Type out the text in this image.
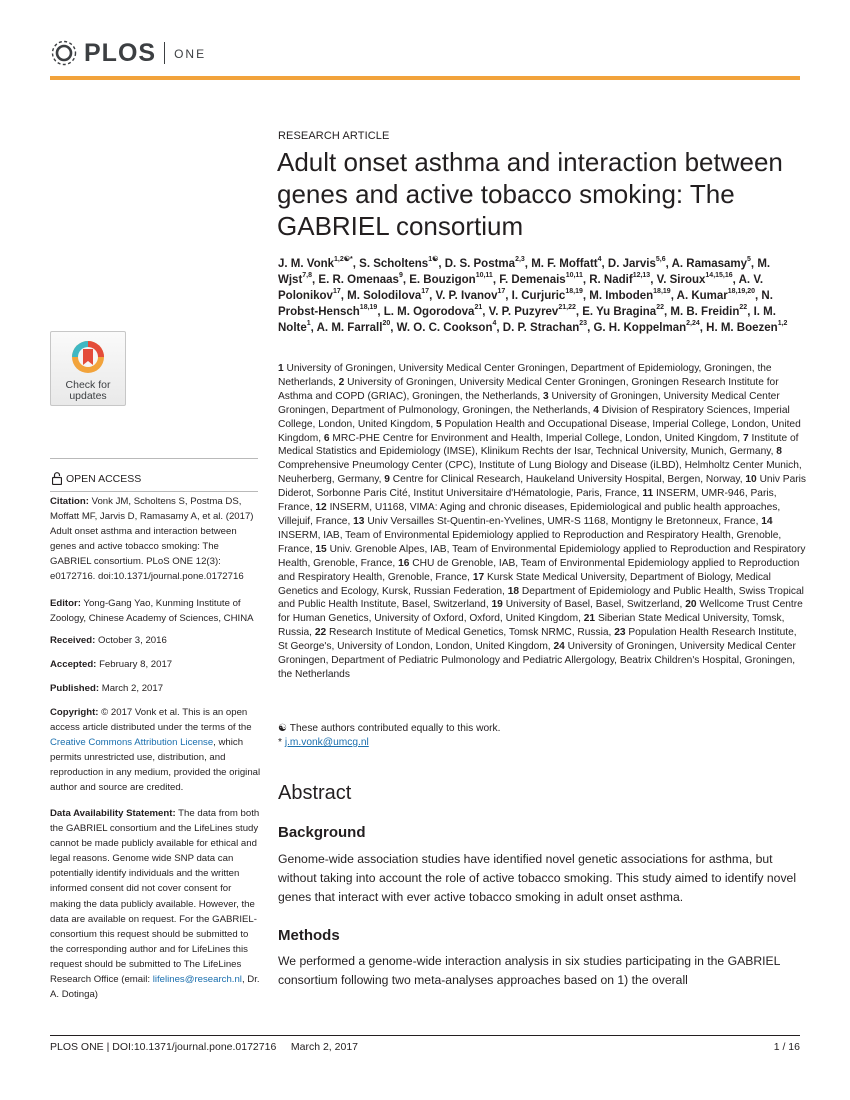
PLOS ONE
RESEARCH ARTICLE
Adult onset asthma and interaction between genes and active tobacco smoking: The GABRIEL consortium
J. M. Vonk$^{1,2☯*}$, S. Scholtens$^{1☯}$, D. S. Postma$^{2,3}$, M. F. Moffatt$^4$, D. Jarvis$^{5,6}$, A. Ramasamy$^5$, M. Wjst$^{7,8}$, E. R. Omenaas$^9$, E. Bouzigon$^{10,11}$, F. Demenais$^{10,11}$, R. Nadif$^{12,13}$, V. Siroux$^{14,15,16}$, A. V. Polonikov$^{17}$, M. Solodilova$^{17}$, V. P. Ivanov$^{17}$, I. Curjuric$^{18,19}$, M. Imboden$^{18,19}$, A. Kumar$^{18,19,20}$, N. Probst-Hensch$^{18,19}$, L. M. Ogorodova$^{21}$, V. P. Puzyrev$^{21,22}$, E. Yu Bragina$^{22}$, M. B. Freidin$^{22}$, I. M. Nolte$^1$, A. M. Farrall$^{20}$, W. O. C. Cookson$^4$, D. P. Strachan$^{23}$, G. H. Koppelman$^{2,24}$, H. M. Boezen$^{1,2}$
1 University of Groningen, University Medical Center Groningen, Department of Epidemiology, Groningen, the Netherlands, 2 University of Groningen, University Medical Center Groningen, Groningen Research Institute for Asthma and COPD (GRIAC), Groningen, the Netherlands, 3 University of Groningen, University Medical Center Groningen, Department of Pulmonology, Groningen, the Netherlands, 4 Division of Respiratory Sciences, Imperial College, London, United Kingdom, 5 Population Health and Occupational Disease, Imperial College, London, United Kingdom, 6 MRC-PHE Centre for Environment and Health, Imperial College, London, United Kingdom, 7 Institute of Medical Statistics and Epidemiology (IMSE), Klinikum Rechts der Isar, Technical University, Munich, Germany, 8 Comprehensive Pneumology Center (CPC), Institute of Lung Biology and Disease (iLBD), Helmholtz Center Munich, Neuherberg, Germany, 9 Centre for Clinical Research, Haukeland University Hospital, Bergen, Norway, 10 Univ Paris Diderot, Sorbonne Paris Cité, Institut Universitaire d'Hématologie, Paris, France, 11 INSERM, UMR-946, Paris, France, 12 INSERM, U1168, VIMA: Aging and chronic diseases, Epidemiological and public health approaches, Villejuif, France, 13 Univ Versailles St-Quentin-en-Yvelines, UMR-S 1168, Montigny le Bretonneux, France, 14 INSERM, IAB, Team of Environmental Epidemiology applied to Reproduction and Respiratory Health, Grenoble, France, 15 Univ. Grenoble Alpes, IAB, Team of Environmental Epidemiology applied to Reproduction and Respiratory Health, Grenoble, France, 16 CHU de Grenoble, IAB, Team of Environmental Epidemiology applied to Reproduction and Respiratory Health, Grenoble, France, 17 Kursk State Medical University, Department of Biology, Medical Genetics and Ecology, Kursk, Russian Federation, 18 Department of Epidemiology and Public Health, Swiss Tropical and Public Health Institute, Basel, Switzerland, 19 University of Basel, Basel, Switzerland, 20 Wellcome Trust Centre for Human Genetics, University of Oxford, Oxford, United Kingdom, 21 Siberian State Medical University, Tomsk, Russia, 22 Research Institute of Medical Genetics, Tomsk NRMC, Russia, 23 Population Health Research Institute, St George's, University of London, London, United Kingdom, 24 University of Groningen, University Medical Center Groningen, Department of Pediatric Pulmonology and Pediatric Allergology, Beatrix Children's Hospital, Groningen, the Netherlands
☯ These authors contributed equally to this work.
* j.m.vonk@umcg.nl
Abstract
Background
Genome-wide association studies have identified novel genetic associations for asthma, but without taking into account the role of active tobacco smoking. This study aimed to identify novel genes that interact with ever active tobacco smoking in adult onset asthma.
Methods
We performed a genome-wide interaction analysis in six studies participating in the GABRIEL consortium following two meta-analyses approaches based on 1) the overall
Check for updates
OPEN ACCESS
Citation: Vonk JM, Scholtens S, Postma DS, Moffatt MF, Jarvis D, Ramasamy A, et al. (2017) Adult onset asthma and interaction between genes and active tobacco smoking: The GABRIEL consortium. PLoS ONE 12(3): e0172716. doi:10.1371/journal.pone.0172716
Editor: Yong-Gang Yao, Kunming Institute of Zoology, Chinese Academy of Sciences, CHINA
Received: October 3, 2016
Accepted: February 8, 2017
Published: March 2, 2017
Copyright: © 2017 Vonk et al. This is an open access article distributed under the terms of the Creative Commons Attribution License, which permits unrestricted use, distribution, and reproduction in any medium, provided the original author and source are credited.
Data Availability Statement: The data from both the GABRIEL consortium and the LifeLines study cannot be made publicly available for ethical and legal reasons. Genome wide SNP data can potentially identify individuals and the written informed consent did not cover consent for making the data publicly available. However, the data are available on request. For the GABRIEL-consortium this request should be submitted to the corresponding author and for LifeLines this request should be submitted to The LifeLines Research Office (email: lifelines@research.nl, Dr. A. Dotinga)
PLOS ONE | DOI:10.1371/journal.pone.0172716     March 2, 2017	1 / 16
